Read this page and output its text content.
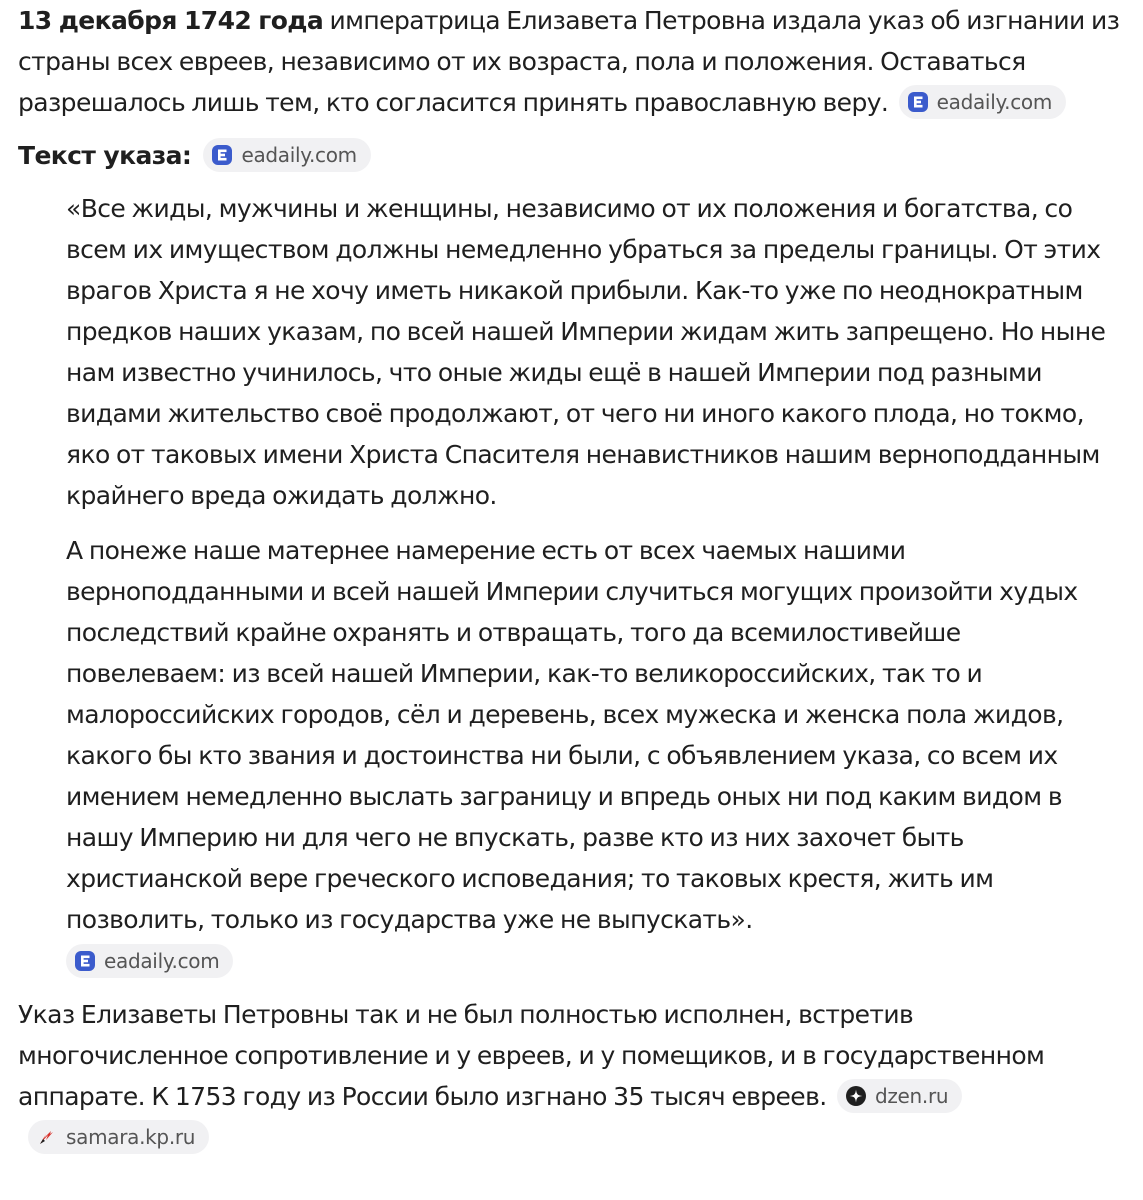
13 декабря 1742 года императрица Елизавета Петровна издала указ об изгнании из страны всех евреев, независимо от их возраста, пола и положения. Оставаться разрешалось лишь тем, кто согласится принять православную веру. eadaily.com

Текст указа:	eadaily.com

«Все жиды, мужчины и женщины, независимо от их положения и богатства, со всем их имуществом должны немедленно убраться за пределы границы. От этих врагов Христа я не хочу иметь никакой прибыли. Как-то уже по неоднократным предков наших указам, по всей нашей Империи жидам жить запрещено. Но ныне нам известно учинилось, что оные жиды ещё в нашей Империи под разными видами жительство своё продолжают, от чего ни иного какого плода, но токмо, яко от таковых имени Христа Спасителя ненавистников нашим верноподданным крайнего вреда ожидать должно.

А понеже наше матернее намерение есть от всех чаемых нашими верноподданными и всей нашей Империи случиться могущих произойти худых последствий крайне охранять и отвращать, того да всемилостивейше повелеваем: из всей нашей Империи, как-то великороссийских, так то и малороссийских городов, сёл и деревень, всех мужеска и женска пола жидов, какого бы кто звания и достоинства ни были, с объявлением указа, со всем их имением немедленно выслать заграницу и впредь оных ни под каким видом в нашу Империю ни для чего не впускать, разве кто из них захочет быть христианской вере греческого исповедания; то таковых крестя, жить им позволить, только из государства уже не выпускать».

eadaily.com

Указ Елизаветы Петровны так и не был полностью исполнен, встретив многочисленное сопротивление и у евреев, и у помещиков, и в государственном аппарате. К 1753 году из России было изгнано 35 тысяч евреев. dzen.ru
samara.kp.ru
